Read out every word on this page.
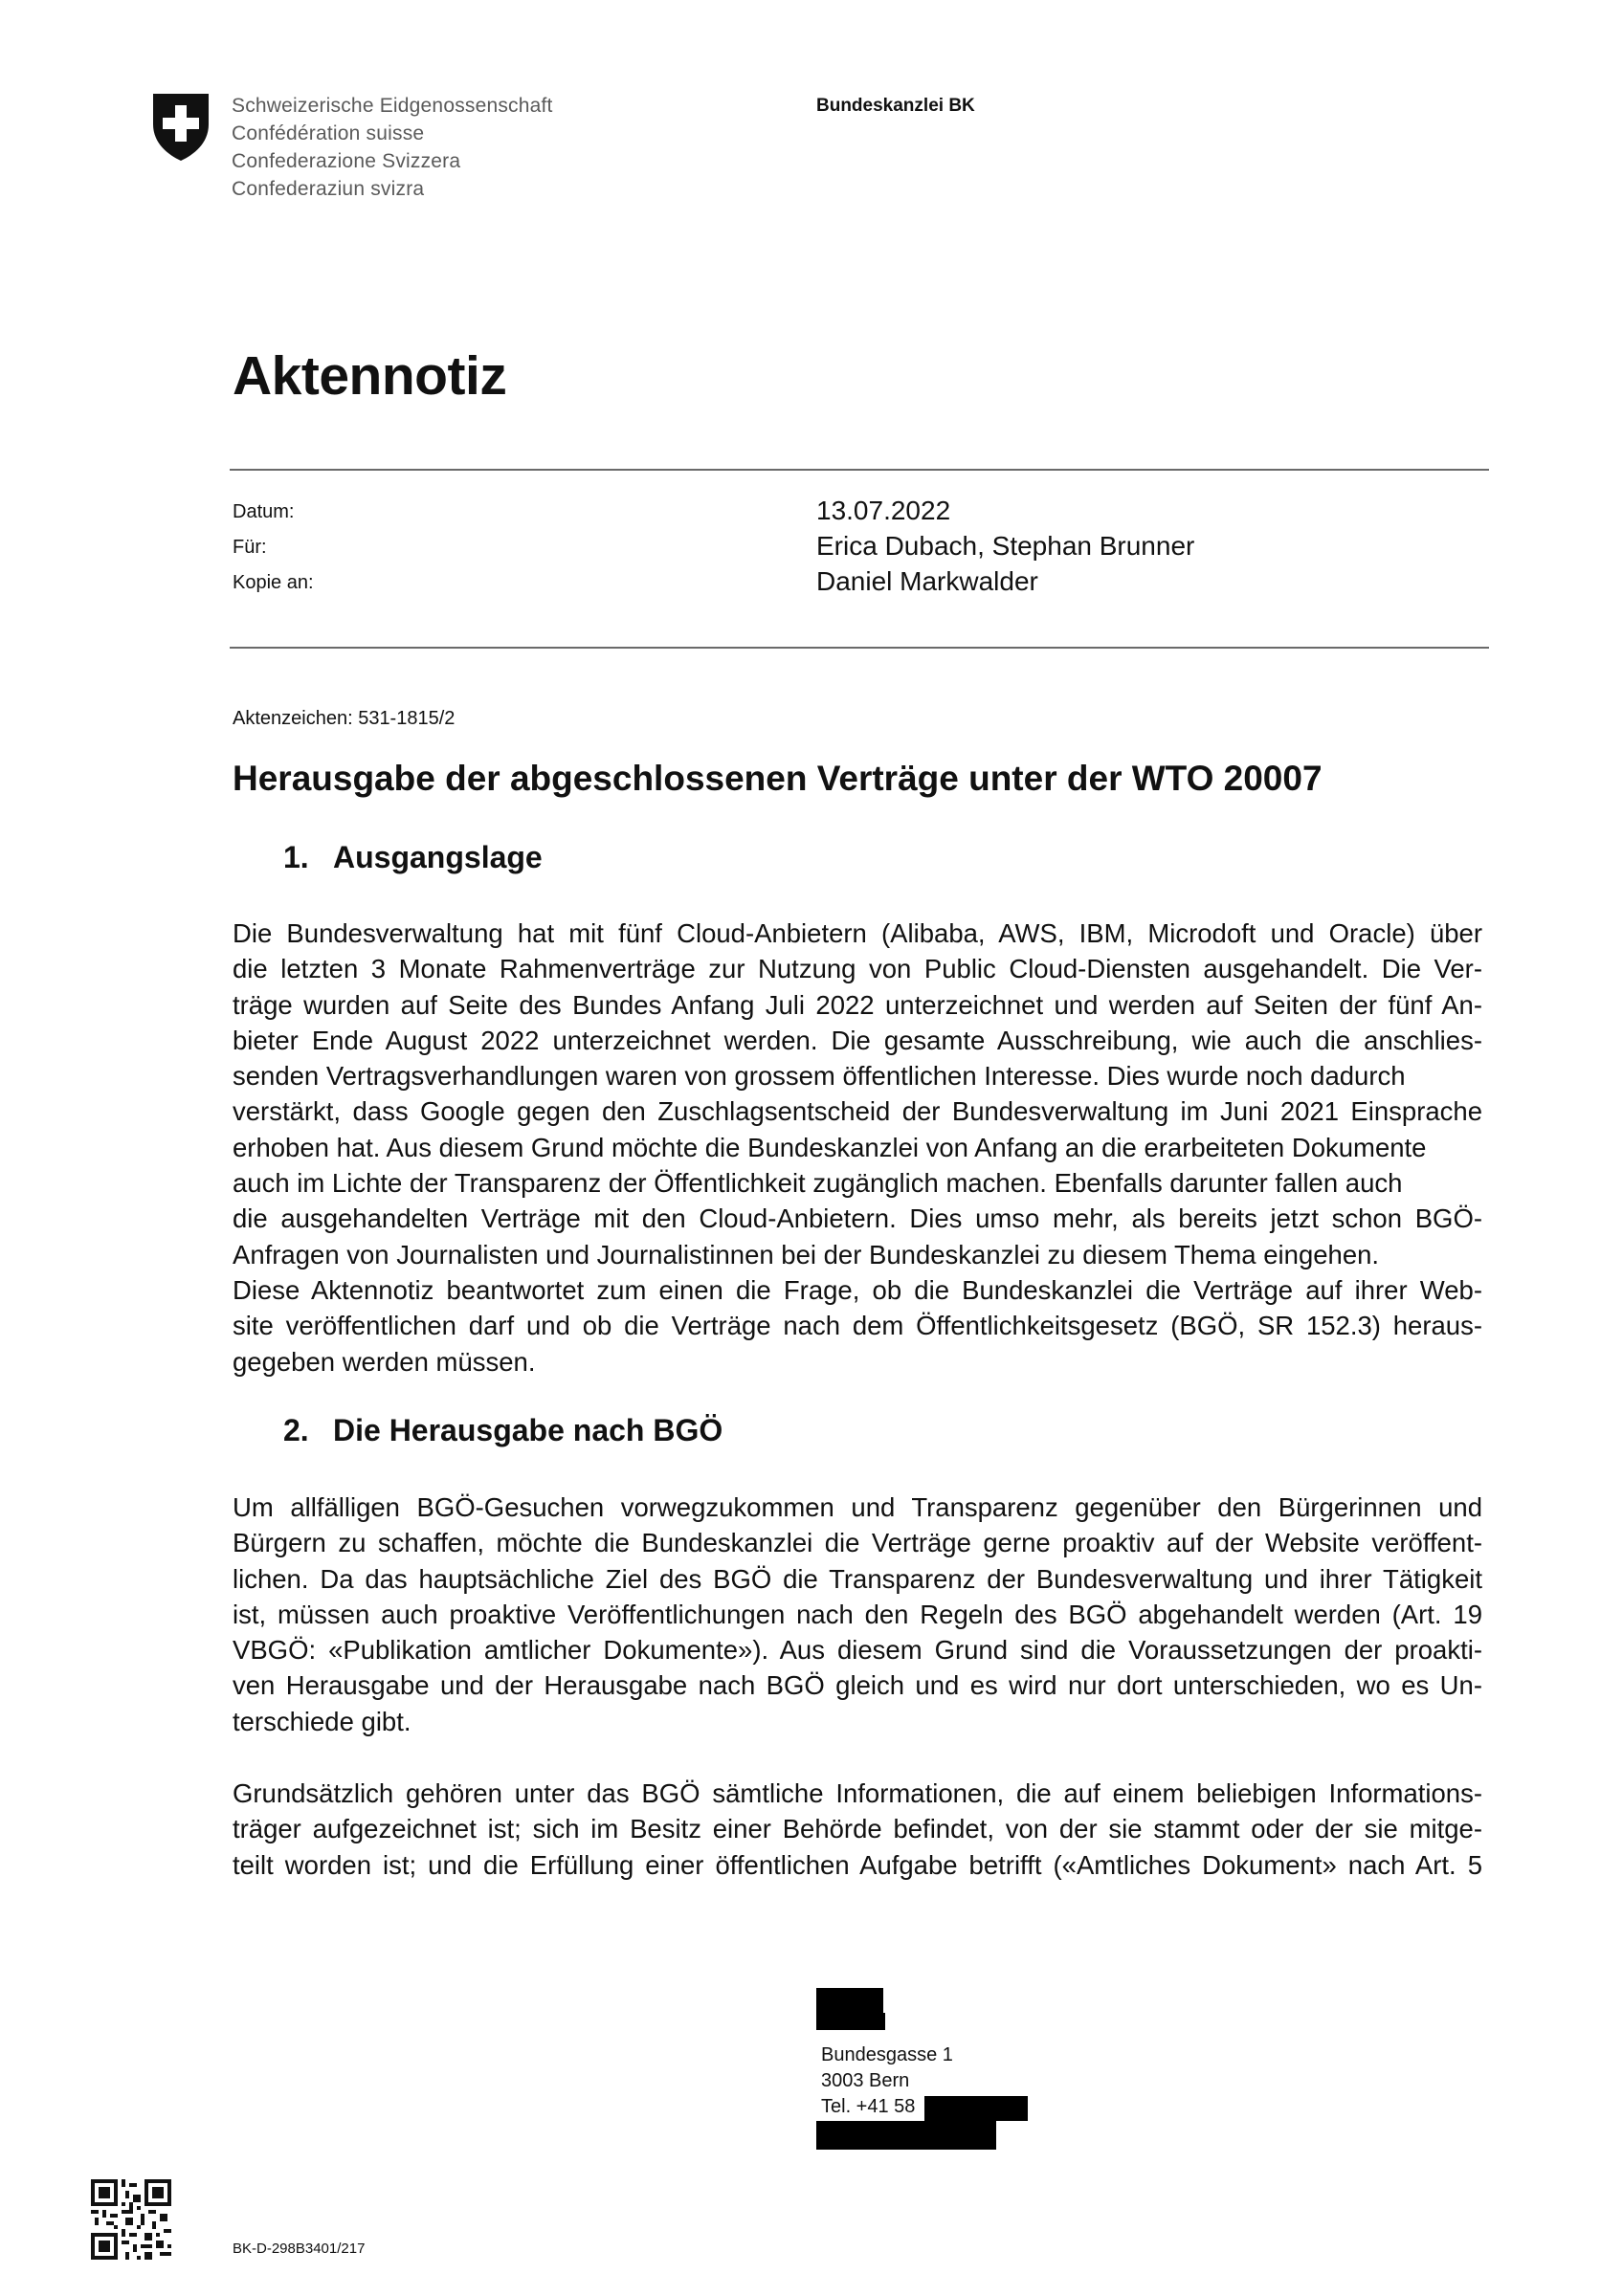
Schweizerische Eidgenossenschaft
Confédération suisse
Confederazione Svizzera
Confederaziun svizra
Bundeskanzlei BK
Aktennotiz
Datum:	13.07.2022
Für:	Erica Dubach, Stephan Brunner
Kopie an:	Daniel Markwalder
Aktenzeichen: 531-1815/2
Herausgabe der abgeschlossenen Verträge unter der WTO 20007
1. Ausgangslage

Die Bundesverwaltung hat mit fünf Cloud-Anbietern (Alibaba, AWS, IBM, Microdoft und Oracle) über
die letzten 3 Monate Rahmenverträge zur Nutzung von Public Cloud-Diensten ausgehandelt. Die Ver-
träge wurden auf Seite des Bundes Anfang Juli 2022 unterzeichnet und werden auf Seiten der fünf An-
bieter Ende August 2022 unterzeichnet werden. Die gesamte Ausschreibung, wie auch die anschlies-
senden Vertragsverhandlungen waren von grossem öffentlichen Interesse. Dies wurde noch dadurch
verstärkt, dass Google gegen den Zuschlagsentscheid der Bundesverwaltung im Juni 2021 Einsprache
erhoben hat. Aus diesem Grund möchte die Bundeskanzlei von Anfang an die erarbeiteten Dokumente
auch im Lichte der Transparenz der Öffentlichkeit zugänglich machen. Ebenfalls darunter fallen auch
die ausgehandelten Verträge mit den Cloud-Anbietern. Dies umso mehr, als bereits jetzt schon BGÖ-
Anfragen von Journalisten und Journalistinnen bei der Bundeskanzlei zu diesem Thema eingehen.
Diese Aktennotiz beantwortet zum einen die Frage, ob die Bundeskanzlei die Verträge auf ihrer Web-
site veröffentlichen darf und ob die Verträge nach dem Öffentlichkeitsgesetz (BGÖ, SR 152.3) heraus-
gegeben werden müssen.

2. Die Herausgabe nach BGÖ

Um allfälligen BGÖ-Gesuchen vorwegzukommen und Transparenz gegenüber den Bürgerinnen und
Bürgern zu schaffen, möchte die Bundeskanzlei die Verträge gerne proaktiv auf der Website veröffent-
lichen. Da das hauptsächliche Ziel des BGÖ die Transparenz der Bundesverwaltung und ihrer Tätigkeit
ist, müssen auch proaktive Veröffentlichungen nach den Regeln des BGÖ abgehandelt werden (Art. 19
VBGÖ: «Publikation amtlicher Dokumente»). Aus diesem Grund sind die Voraussetzungen der proakti-
ven Herausgabe und der Herausgabe nach BGÖ gleich und es wird nur dort unterschieden, wo es Un-
terschiede gibt.

Grundsätzlich gehören unter das BGÖ sämtliche Informationen, die auf einem beliebigen Informations-
träger aufgezeichnet ist; sich im Besitz einer Behörde befindet, von der sie stammt oder der sie mitge-
teilt worden ist; und die Erfüllung einer öffentlichen Aufgabe betrifft («Amtliches Dokument» nach Art. 5

Bundesgasse 1
3003 Bern
Tel. +41 58
BK-D-298B3401/217
